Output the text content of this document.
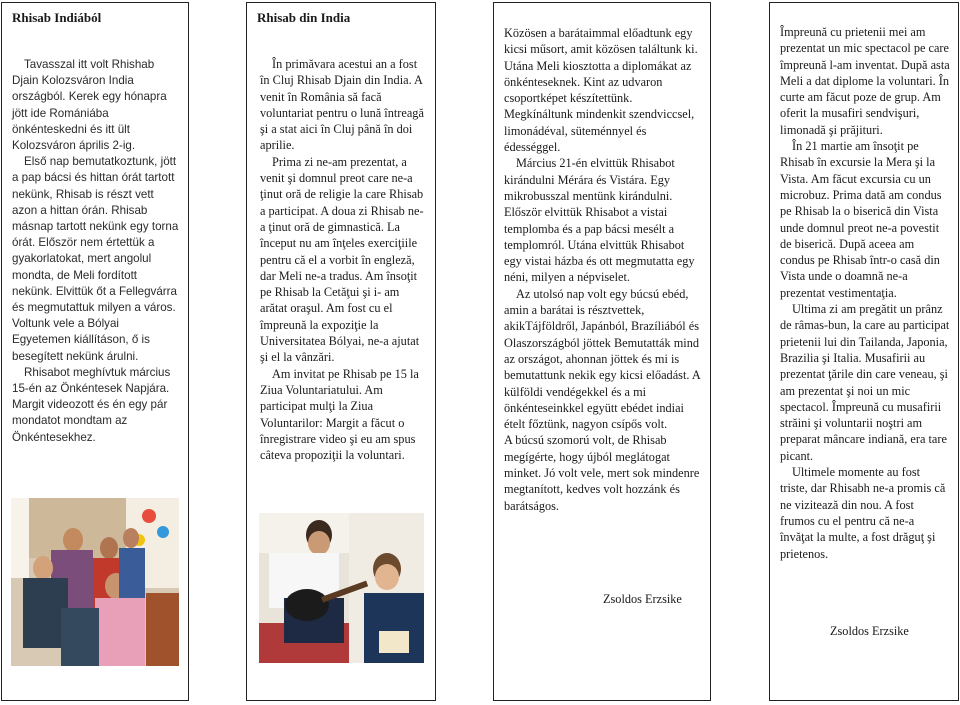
Rhisab Indiából

Tavasszal itt volt Rhishab Djain Kolozsváron India országból. Kerek egy hónapra jött ide Romániába önkénteskedni és itt ült Kolozsváron április 2-ig.

Első nap bemutatkoztunk, jött a pap bácsi és hittan órát tartott nekünk, Rhisab is részt vett azon a hittan órán. Rhisab másnap tartott nekünk egy torna órát. Először nem értettük a gyakorlatokat, mert angolul mondta, de Meli fordított nekünk. Elvittük őt a Fellegvárra és megmutattuk milyen a város. Voltunk vele a Bólyai Egyetemen kiállításon, ő is besegített nekünk árulni.

Rhisabot meghívtuk március 15-én az Önkéntesek Napjára. Margit videozott és én egy pár mondatot mondtam az Önkéntesekhez.

Rhisab din India

În primăvara acestui an a fost în Cluj Rhisab Djain din India. A venit în România să facă voluntariat pentru o lună întreagă şi a stat aici în Cluj până în doi aprilie.

Prima zi ne-am prezentat, a venit şi domnul preot care ne-a ţinut oră de religie la care Rhisab a participat. A doua zi Rhisab ne-a ţinut oră de gimnastică. La început nu am înţeles exerciţiile pentru că el a vorbit în engleză, dar Meli ne-a tradus. Am însoţit pe Rhisab la Cetăţui şi i- am arătat oraşul. Am fost cu el împreună la expoziţie la Universitatea Bólyai, ne-a ajutat şi el la vânzări.

Am invitat pe Rhisab pe 15 la Ziua Voluntariatului. Am participat mulţi la Ziua Voluntarilor: Margit a făcut o înregistrare video şi eu am spus câteva propoziţii la voluntari.

Közösen a barátaimmal előadtunk egy kicsi műsort, amit közösen találtunk ki. Utána Meli kiosztotta a diplomákat az önkénteseknek. Kint az udvaron csoportképet készítettünk. Megkínáltunk mindenkit szendviccsel, limonádéval, süteménnyel és édességgel.

Március 21-én elvittük Rhisabot kirándulni Mérára és Vistára. Egy mikrobusszal mentünk kirándulni. Először elvittük Rhisabot a vistai templomba és a pap bácsi mesélt a templomról. Utána elvittük Rhisabot egy vistai házba és ott megmutatta egy néni, milyen a népviselet.

Az utolsó nap volt egy búcsú ebéd, amin a barátai is résztvettek, akikTájföldről, Japánból, Brazíliából és Olaszországból jöttek Bemutatták mind az országot, ahonnan jöttek és mi is bemutattunk nekik egy kicsi előadást. A külföldi vendégekkel és a mi önkénteseinkkel együtt ebédet indiai ételt főztünk, nagyon csípős volt.

A búcsú szomorú volt, de Rhisab megígérte, hogy újból meglátogat minket. Jó volt vele, mert sok mindenre megtanított, kedves volt hozzánk és barátságos.

Zsoldos Erzsike

Împreună cu prietenii mei am prezentat un mic spectacol pe care împreună l-am inventat. După asta Meli a dat diplome la voluntari. În curte am făcut poze de grup. Am oferit la musafiri sendvişuri, limonadă şi prăjituri.

În 21 martie am însoţit pe Rhisab în excursie la Mera şi la Vista. Am făcut excursia cu un microbuz. Prima dată am condus pe Rhisab la o biserică din Vista unde domnul preot ne-a povestit de biserică. După aceea am condus pe Rhisab într-o casă din Vista unde o doamnă ne-a prezentat vestimentaţia.

Ultima zi am pregătit un prânz de râmas-bun, la care au participat prietenii lui din Tailanda, Japonia, Brazilia şi Italia. Musafirii au prezentat ţările din care veneau, şi am prezentat şi noi un mic spectacol. Împreună cu musafirii străini şi voluntarii noştri am preparat mâncare indiană, era tare picant.

Ultimele momente au fost triste, dar Rhisabh ne-a promis că ne vizitează din nou. A fost frumos cu el pentru că ne-a învăţat la multe, a fost drăguţ şi prietenos.

Zsoldos Erzsike
